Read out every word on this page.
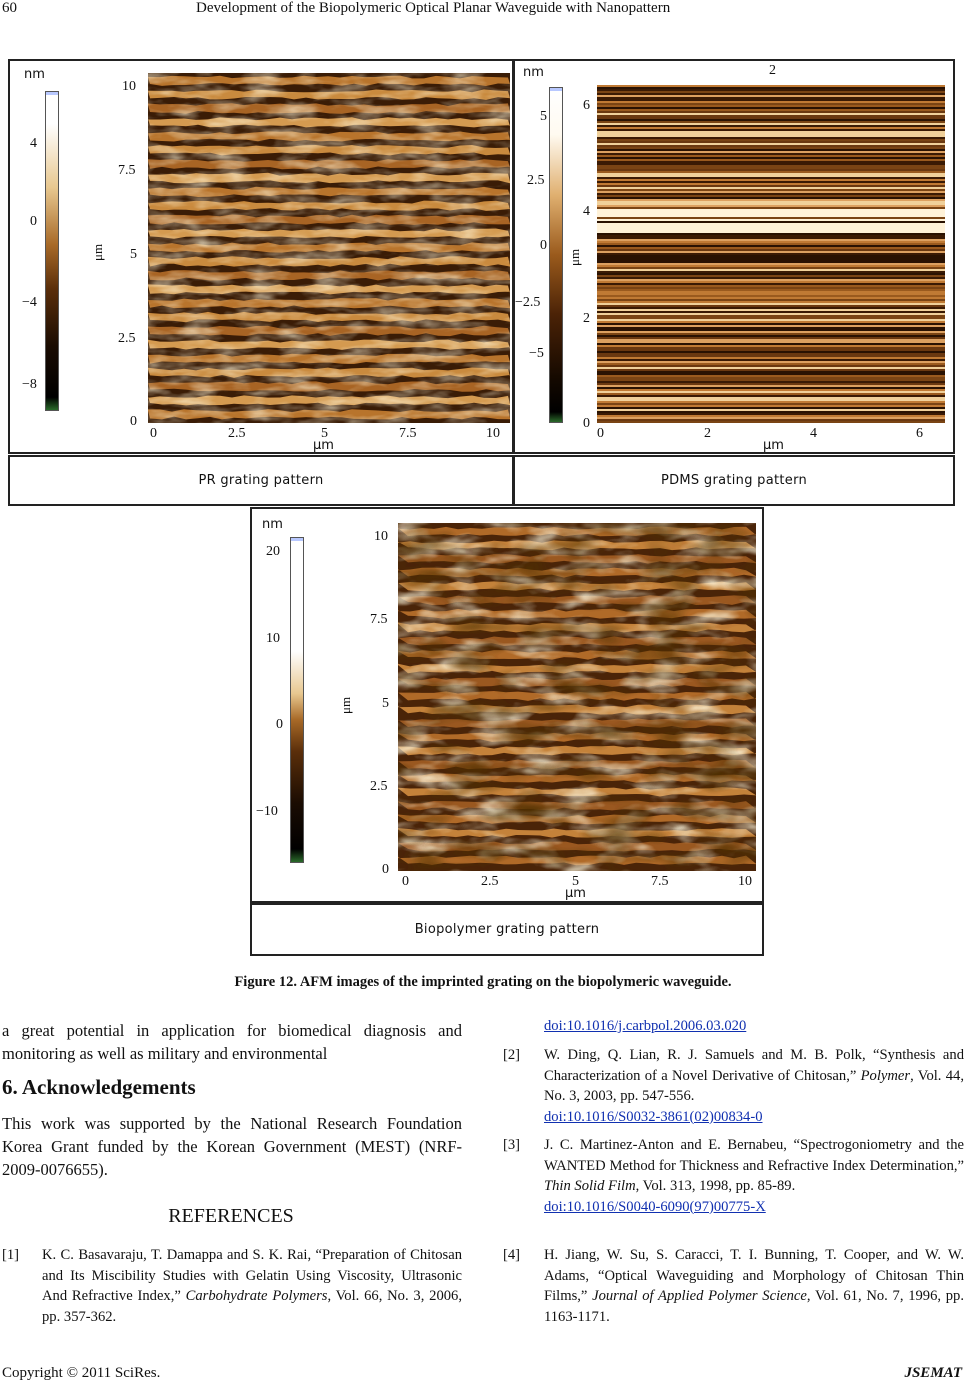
60	Development of the Biopolymeric Optical Planar Waveguide with Nanopattern
nm
4
0
−4
−8
μm
10
7.5
5
2.5
0
0	2.5	5	7.5	10
μm
PR grating pattern
nm	2
5
2.5
0
−2.5
−5
μm
6
4
2
0
0	2	4	6
μm
PDMS grating pattern
nm
20
10
0
−10
μm
10
7.5
5
2.5
0
0	2.5	5	7.5	10
μm
Biopolymer grating pattern
Figure 12. AFM images of the imprinted grating on the biopolymeric waveguide.
a great potential in application for biomedical diagnosis and monitoring as well as military and environmental
6. Acknowledgements
This work was supported by the National Research Foundation Korea Grant funded by the Korean Government (MEST) (NRF-2009-0076655).
REFERENCES
[1] K. C. Basavaraju, T. Damappa and S. K. Rai, “Preparation of Chitosan and Its Miscibility Studies with Gelatin Using Viscosity, Ultrasonic And Refractive Index,” Carbohydrate Polymers, Vol. 66, No. 3, 2006, pp. 357-362.
doi:10.1016/j.carbpol.2006.03.020
[2] W. Ding, Q. Lian, R. J. Samuels and M. B. Polk, “Synthesis and Characterization of a Novel Derivative of Chitosan,” Polymer, Vol. 44, No. 3, 2003, pp. 547-556.
doi:10.1016/S0032-3861(02)00834-0
[3] J. C. Martinez-Anton and E. Bernabeu, “Spectrogoniometry and the WANTED Method for Thickness and Refractive Index Determination,” Thin Solid Film, Vol. 313, 1998, pp. 85-89.
doi:10.1016/S0040-6090(97)00775-X
[4] H. Jiang, W. Su, S. Caracci, T. I. Bunning, T. Cooper, and W. W. Adams, “Optical Waveguiding and Morphology of Chitosan Thin Films,” Journal of Applied Polymer Science, Vol. 61, No. 7, 1996, pp. 1163-1171.
Copyright © 2011 SciRes.	JSEMAT
